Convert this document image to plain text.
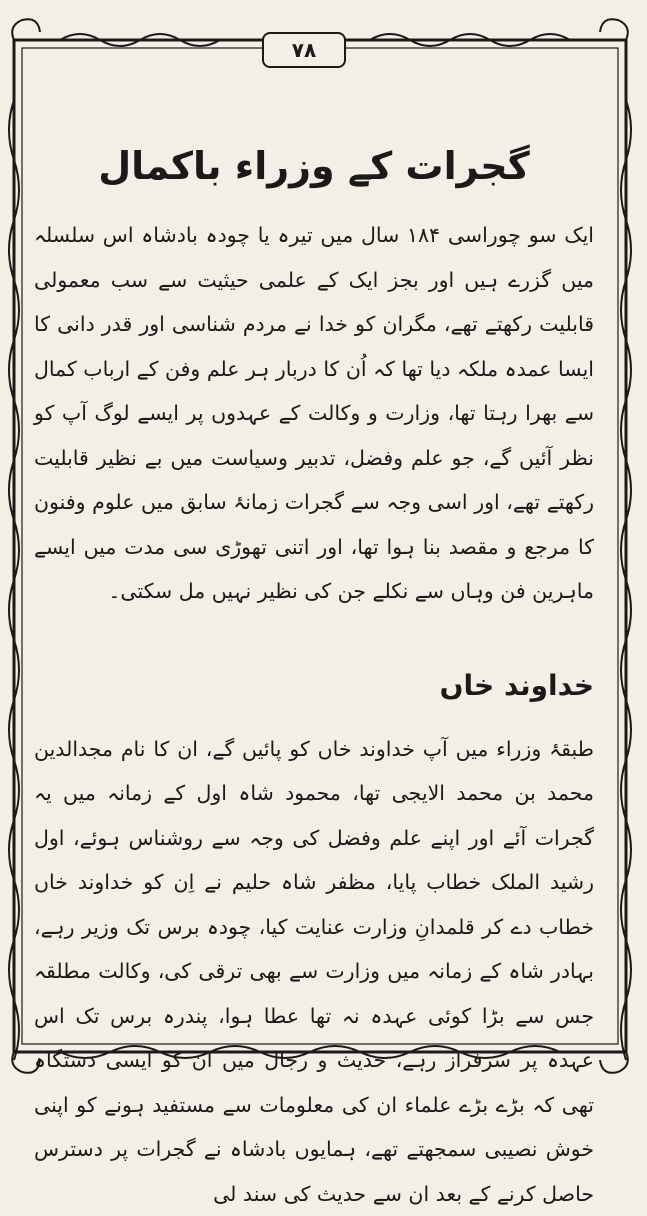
۷۸
گجرات کے وزراء باکمال

ایک سو چوراسی ۱۸۴ سال میں تیرہ یا چودہ بادشاہ اس سلسلہ میں گزرے ہیں اور بجز ایک کے علمی حیثیت سے سب معمولی قابلیت رکھتے تھے، مگران کو خدا نے مردم شناسی اور قدر دانی کا ایسا عمدہ ملکہ دیا تھا کہ اُن کا دربار ہر علم وفن کے ارباب کمال سے بھرا رہتا تھا، وزارت و وکالت کے عہدوں پر ایسے لوگ آپ کو نظر آئیں گے، جو علم وفضل، تدبیر وسیاست میں بے نظیر قابلیت رکھتے تھے، اور اسی وجہ سے گجرات زمانۂ سابق میں علوم وفنون کا مرجع و مقصد بنا ہوا تھا، اور اتنی تھوڑی سی مدت میں ایسے ماہرین فن وہاں سے نکلے جن کی نظیر نہیں مل سکتی۔

خداوند خاں

طبقۂ وزراء میں آپ خداوند خاں کو پائیں گے، ان کا نام مجدالدین محمد بن محمد الایجی تھا، محمود شاہ اول کے زمانہ میں یہ گجرات آئے اور اپنے علم وفضل کی وجہ سے روشناس ہوئے، اول رشید الملک خطاب پایا، مظفر شاہ حلیم نے اِن کو خداوند خاں خطاب دے کر قلمدانِ وزارت عنایت کیا، چودہ برس تک وزیر رہے، بہادر شاہ کے زمانہ میں وزارت سے بھی ترقی کی، وکالت مطلقہ جس سے بڑا کوئی عہدہ نہ تھا عطا ہوا، پندرہ برس تک اس عہدہ پر سرفراز رہے، حدیث و رجال میں ان کو ایسی دستگاہ تھی کہ بڑے بڑے علماء ان کی معلومات سے مستفید ہونے کو اپنی خوش نصیبی سمجھتے تھے، ہمایوں بادشاہ نے گجرات پر دسترس حاصل کرنے کے بعد ان سے حدیث کی سند لی
